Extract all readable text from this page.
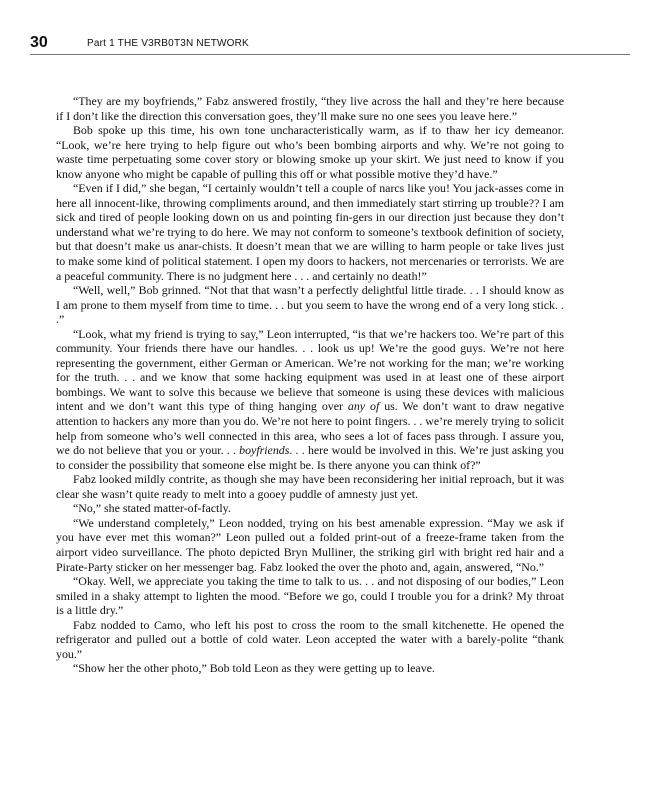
30	Part 1 THE V3RB0T3N NETWORK

“They are my boyfriends,” Fabz answered frostily, “they live across the hall and they’re here because if I don’t like the direction this conversation goes, they’ll make sure no one sees you leave here.”

Bob spoke up this time, his own tone uncharacteristically warm, as if to thaw her icy demeanor. “Look, we’re here trying to help figure out who’s been bombing airports and why. We’re not going to waste time perpetuating some cover story or blowing smoke up your skirt. We just need to know if you know anyone who might be capable of pulling this off or what possible motive they’d have.”

“Even if I did,” she began, “I certainly wouldn’t tell a couple of narcs like you! You jack-asses come in here all innocent-like, throwing compliments around, and then immediately start stirring up trouble?? I am sick and tired of people looking down on us and pointing fin-gers in our direction just because they don’t understand what we’re trying to do here. We may not conform to someone’s textbook definition of society, but that doesn’t make us anar-chists. It doesn’t mean that we are willing to harm people or take lives just to make some kind of political statement. I open my doors to hackers, not mercenaries or terrorists. We are a peaceful community. There is no judgment here . . . and certainly no death!”

“Well, well,” Bob grinned. “Not that that wasn’t a perfectly delightful little tirade. . . I should know as I am prone to them myself from time to time. . . but you seem to have the wrong end of a very long stick. . .”

“Look, what my friend is trying to say,” Leon interrupted, “is that we’re hackers too. We’re part of this community. Your friends there have our handles. . . look us up! We’re the good guys. We’re not here representing the government, either German or American. We’re not working for the man; we’re working for the truth. . . and we know that some hacking equipment was used in at least one of these airport bombings. We want to solve this because we believe that someone is using these devices with malicious intent and we don’t want this type of thing hanging over any of us. We don’t want to draw negative attention to hackers any more than you do. We’re not here to point fingers. . . we’re merely trying to solicit help from someone who’s well connected in this area, who sees a lot of faces pass through. I assure you, we do not believe that you or your. . . boyfriends. . . here would be involved in this. We’re just asking you to consider the possibility that someone else might be. Is there anyone you can think of?”

Fabz looked mildly contrite, as though she may have been reconsidering her initial reproach, but it was clear she wasn’t quite ready to melt into a gooey puddle of amnesty just yet.

“No,” she stated matter-of-factly.

“We understand completely,” Leon nodded, trying on his best amenable expression. “May we ask if you have ever met this woman?” Leon pulled out a folded print-out of a freeze-frame taken from the airport video surveillance. The photo depicted Bryn Mulliner, the striking girl with bright red hair and a Pirate-Party sticker on her messenger bag. Fabz looked the over the photo and, again, answered, “No.”

“Okay. Well, we appreciate you taking the time to talk to us. . . and not disposing of our bodies,” Leon smiled in a shaky attempt to lighten the mood. “Before we go, could I trouble you for a drink? My throat is a little dry.”

Fabz nodded to Camo, who left his post to cross the room to the small kitchenette. He opened the refrigerator and pulled out a bottle of cold water. Leon accepted the water with a barely-polite “thank you.”

“Show her the other photo,” Bob told Leon as they were getting up to leave.
